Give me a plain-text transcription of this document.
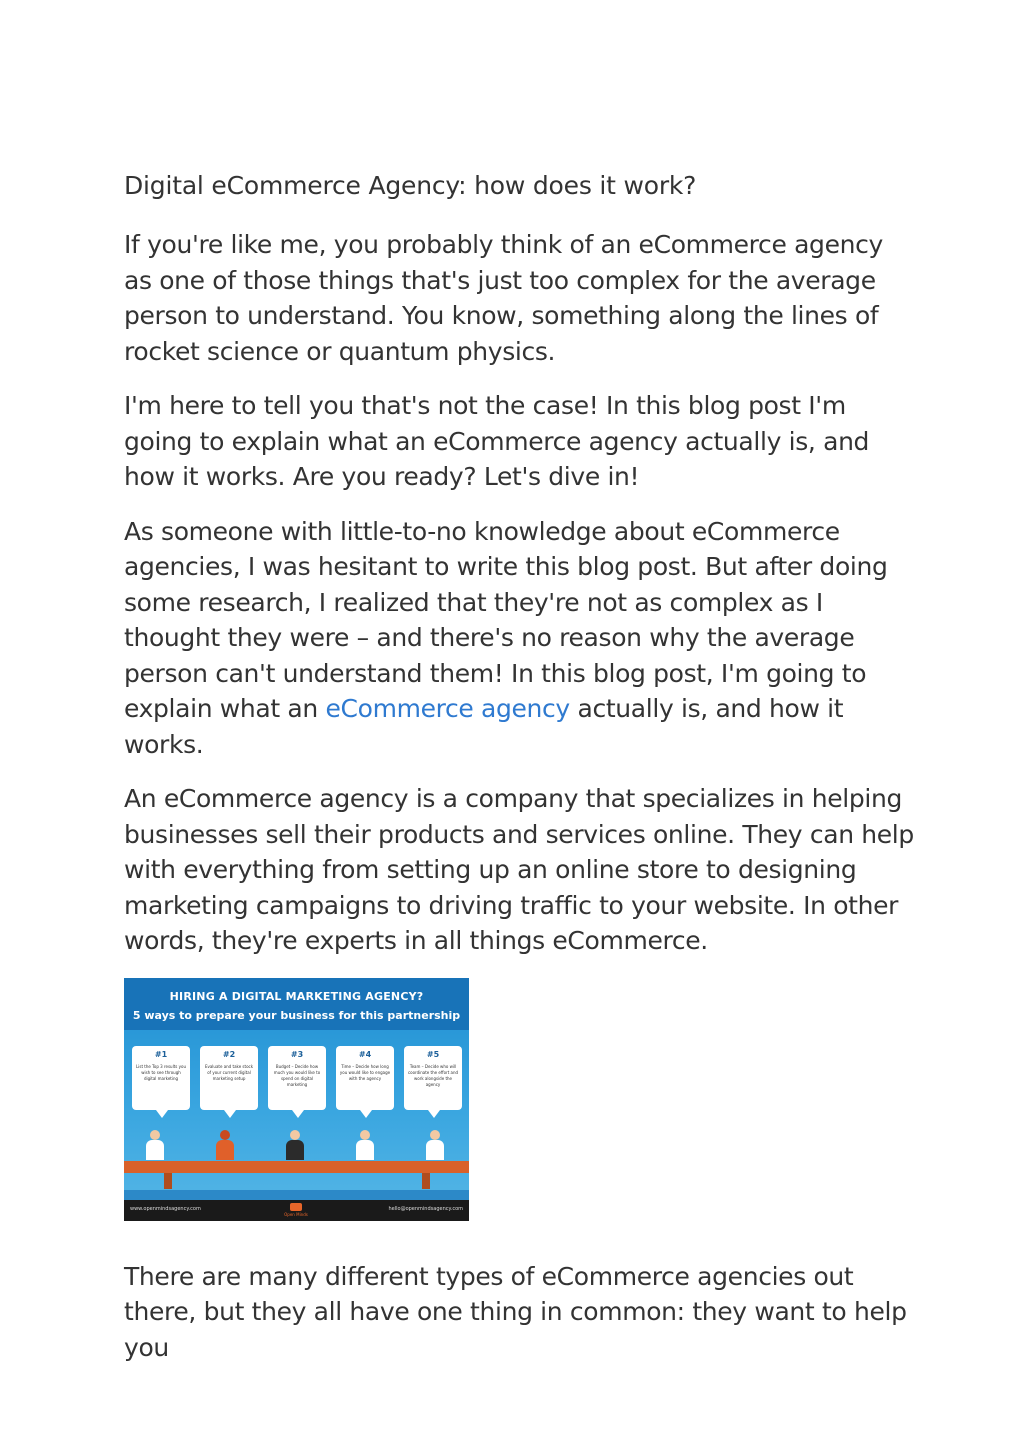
Digital eCommerce Agency: how does it work?

If you're like me, you probably think of an eCommerce agency as one of those things that's just too complex for the average person to understand. You know, something along the lines of rocket science or quantum physics.

I'm here to tell you that's not the case! In this blog post I'm going to explain what an eCommerce agency actually is, and how it works. Are you ready? Let's dive in!

As someone with little-to-no knowledge about eCommerce agencies, I was hesitant to write this blog post. But after doing some research, I realized that they're not as complex as I thought they were – and there's no reason why the average person can't understand them! In this blog post, I'm going to explain what an eCommerce agency actually is, and how it works.

An eCommerce agency is a company that specializes in helping businesses sell their products and services online. They can help with everything from setting up an online store to designing marketing campaigns to driving traffic to your website. In other words, they're experts in all things eCommerce.

HIRING A DIGITAL MARKETING AGENCY?
5 ways to prepare your business for this partnership
#1
List the Top 3 results you wish to see through digital marketing
#2
Evaluate and take stock of your current digital marketing setup
#3
Budget – Decide how much you would like to spend on digital marketing
#4
Time – Decide how long you would like to engage with the agency
#5
Team – Decide who will coordinate the effort and work alongside the agency
www.openmindsagency.com
Open Minds
hello@openmindsagency.com

There are many different types of eCommerce agencies out there, but they all have one thing in common: they want to help you
